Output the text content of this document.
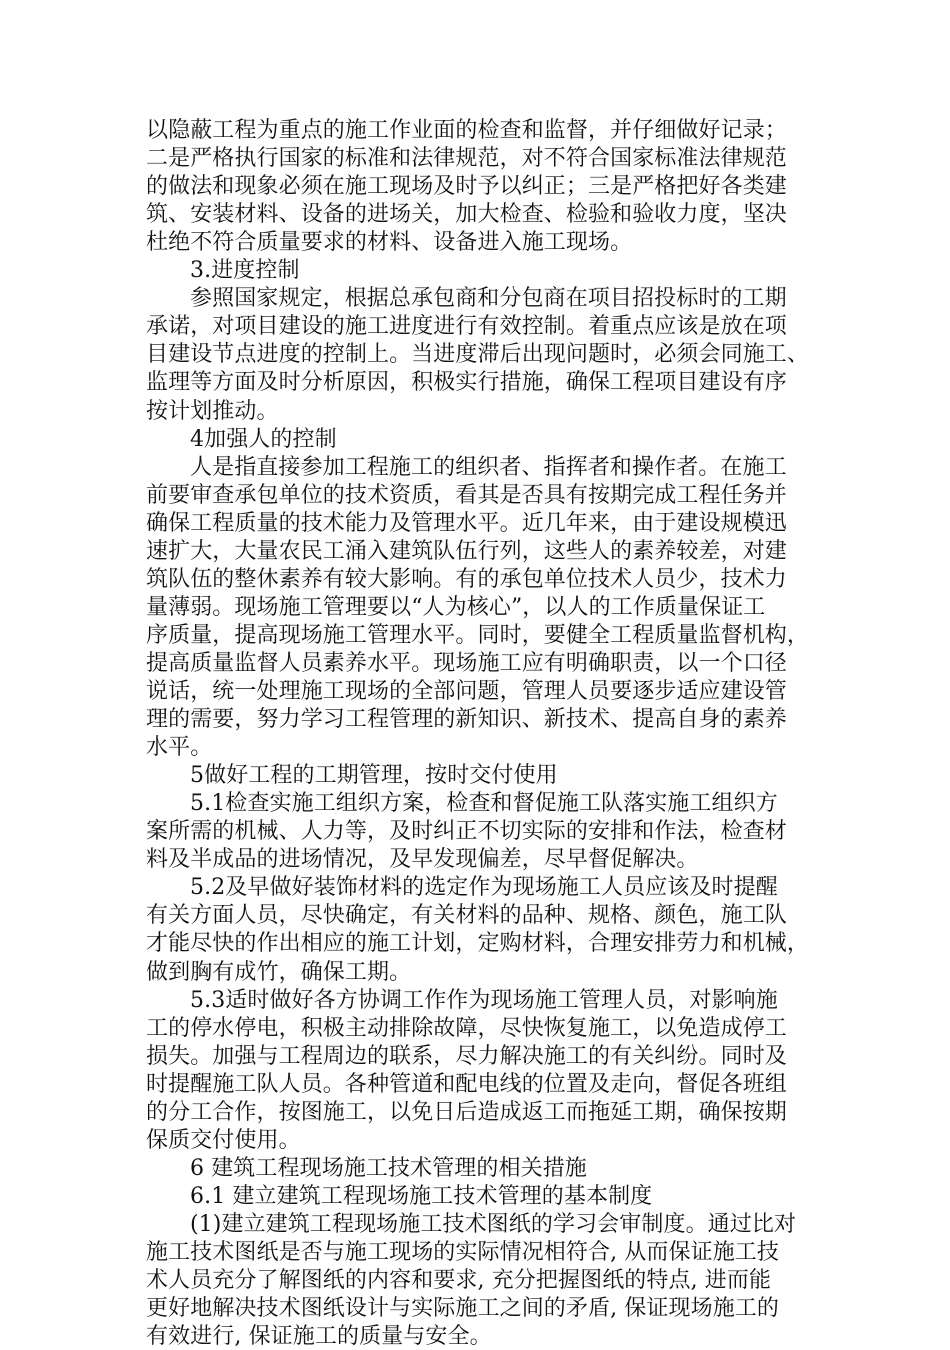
以隐蔽工程为重点的施工作业面的检查和监督，并仔细做好记录；
二是严格执行国家的标准和法律规范，对不符合国家标准法律规范
的做法和现象必须在施工现场及时予以纠正；三是严格把好各类建
筑、安装材料、设备的进场关，加大检查、检验和验收力度，坚决
杜绝不符合质量要求的材料、设备进入施工现场。
3.进度控制
参照国家规定，根据总承包商和分包商在项目招投标时的工期
承诺，对项目建设的施工进度进行有效控制。着重点应该是放在项
目建设节点进度的控制上。当进度滞后出现问题时，必须会同施工、
监理等方面及时分析原因，积极实行措施，确保工程项目建设有序
按计划推动。
4加强人的控制
人是指直接参加工程施工的组织者、指挥者和操作者。在施工
前要审查承包单位的技术资质，看其是否具有按期完成工程任务并
确保工程质量的技术能力及管理水平。近几年来，由于建设规模迅
速扩大，大量农民工涌入建筑队伍行列，这些人的素养较差，对建
筑队伍的整休素养有较大影响。有的承包单位技术人员少，技术力
量薄弱。现场施工管理要以“人为核心”，以人的工作质量保证工
序质量，提高现场施工管理水平。同时，要健全工程质量监督机构，
提高质量监督人员素养水平。现场施工应有明确职责，以一个口径
说话，统一处理施工现场的全部问题，管理人员要逐步适应建设管
理的需要，努力学习工程管理的新知识、新技术、提高自身的素养
水平。
5做好工程的工期管理，按时交付使用
5.1检查实施工组织方案，检查和督促施工队落实施工组织方
案所需的机械、人力等，及时纠正不切实际的安排和作法，检查材
料及半成品的进场情况，及早发现偏差，尽早督促解决。
5.2及早做好装饰材料的选定作为现场施工人员应该及时提醒
有关方面人员，尽快确定，有关材料的品种、规格、颜色，施工队
才能尽快的作出相应的施工计划，定购材料，合理安排劳力和机械，
做到胸有成竹，确保工期。
5.3适时做好各方协调工作作为现场施工管理人员，对影响施
工的停水停电，积极主动排除故障，尽快恢复施工，以免造成停工
损失。加强与工程周边的联系，尽力解决施工的有关纠纷。同时及
时提醒施工队人员。各种管道和配电线的位置及走向，督促各班组
的分工合作，按图施工，以免日后造成返工而拖延工期，确保按期
保质交付使用。
6 建筑工程现场施工技术管理的相关措施
6.1 建立建筑工程现场施工技术管理的基本制度
(1)建立建筑工程现场施工技术图纸的学习会审制度。通过比对
施工技术图纸是否与施工现场的实际情况相符合, 从而保证施工技
术人员充分了解图纸的内容和要求, 充分把握图纸的特点, 进而能
更好地解决技术图纸设计与实际施工之间的矛盾, 保证现场施工的
有效进行, 保证施工的质量与安全。
